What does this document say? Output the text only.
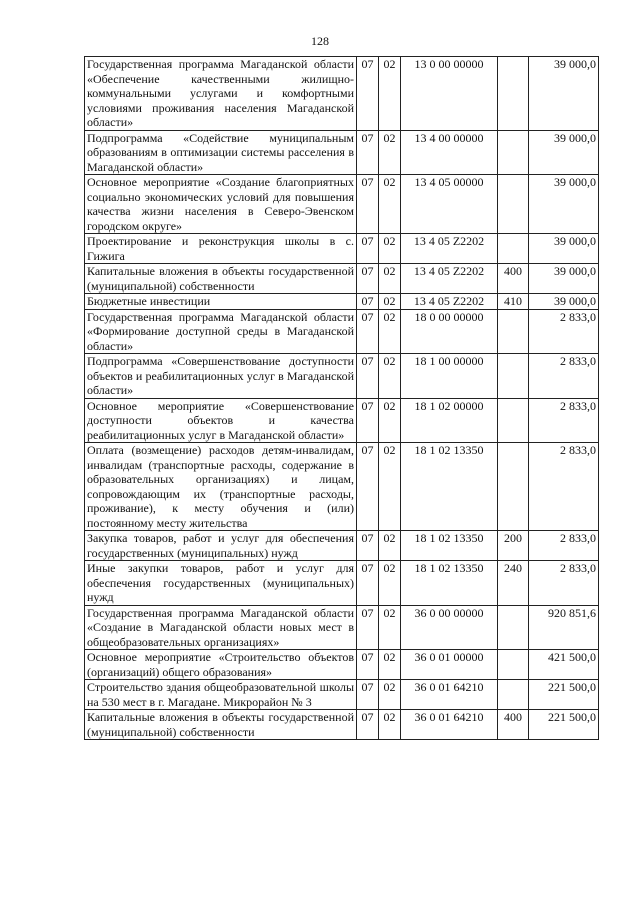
128
Государственная программа Магаданской области «Обеспечение качественными жилищно-коммунальными услугами и комфортными условиями проживания населения Магаданской области»	07	02	13 0 00 00000		39 000,0
Подпрограмма «Содействие муниципальным образованиям в оптимизации системы расселения в Магаданской области»	07	02	13 4 00 00000		39 000,0
Основное мероприятие «Создание благоприятных социально экономических условий для повышения качества жизни населения в Северо-Эвенском городском округе»	07	02	13 4 05 00000		39 000,0
Проектирование и реконструкция школы в с. Гижига	07	02	13 4 05 Z2202		39 000,0
Капитальные вложения в объекты государственной (муниципальной) собственности	07	02	13 4 05 Z2202	400	39 000,0
Бюджетные инвестиции	07	02	13 4 05 Z2202	410	39 000,0
Государственная программа Магаданской области «Формирование доступной среды в Магаданской области»	07	02	18 0 00 00000		2 833,0
Подпрограмма «Совершенствование доступности объектов и реабилитационных услуг в Магаданской области»	07	02	18 1 00 00000		2 833,0
Основное мероприятие «Совершенствование доступности объектов и качества реабилитационных услуг в Магаданской области»	07	02	18 1 02 00000		2 833,0
Оплата (возмещение) расходов детям-инвалидам, инвалидам (транспортные расходы, содержание в образовательных организациях) и лицам, сопровождающим их (транспортные расходы, проживание), к месту обучения и (или) постоянному месту жительства	07	02	18 1 02 13350		2 833,0
Закупка товаров, работ и услуг для обеспечения государственных (муниципальных) нужд	07	02	18 1 02 13350	200	2 833,0
Иные закупки товаров, работ и услуг для обеспечения государственных (муниципальных) нужд	07	02	18 1 02 13350	240	2 833,0
Государственная программа Магаданской области «Создание в Магаданской области новых мест в общеобразовательных организациях»	07	02	36 0 00 00000		920 851,6
Основное мероприятие «Строительство объектов (организаций) общего образования»	07	02	36 0 01 00000		421 500,0
Строительство здания общеобразовательной школы на 530 мест в г. Магадане. Микрорайон № 3	07	02	36 0 01 64210		221 500,0
Капитальные вложения в объекты государственной (муниципальной) собственности	07	02	36 0 01 64210	400	221 500,0
